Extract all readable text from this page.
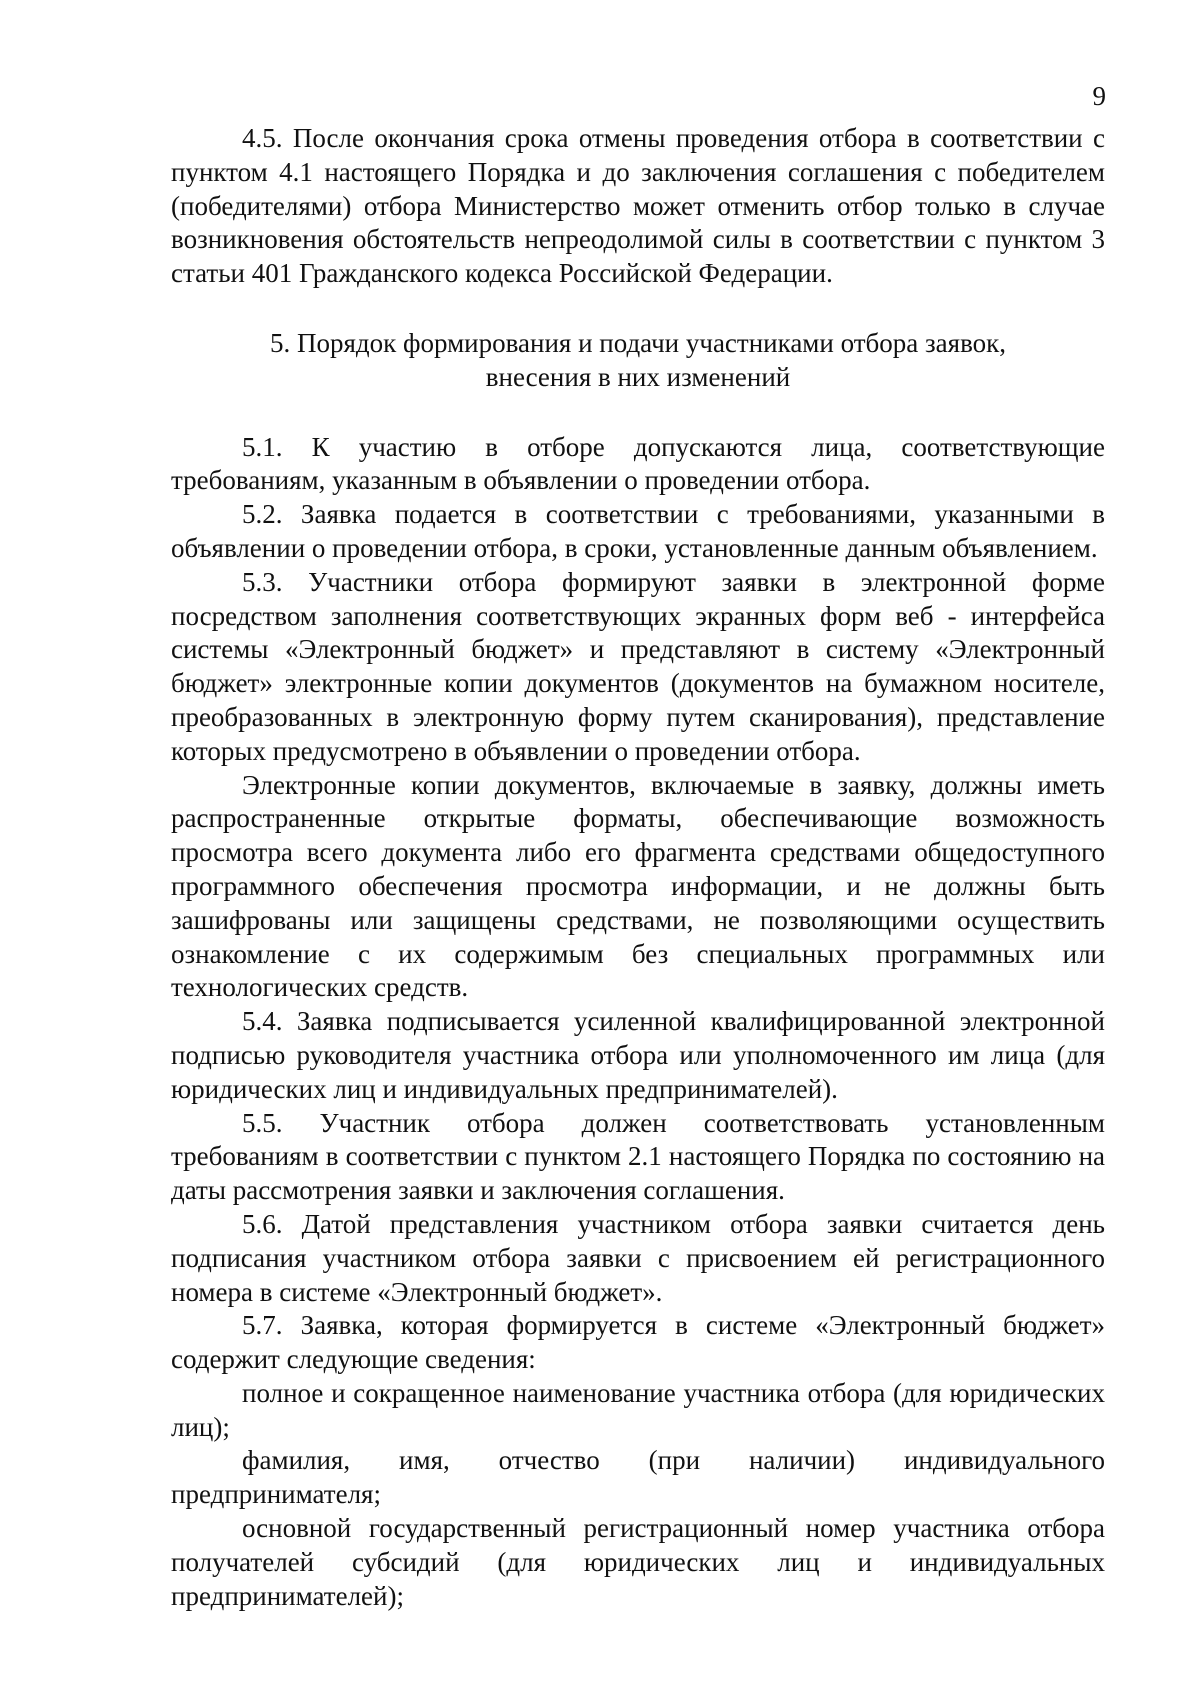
9

4.5. После окончания срока отмены проведения отбора в соответствии с пунктом 4.1 настоящего Порядка и до заключения соглашения с победителем (победителями) отбора Министерство может отменить отбор только в случае возникновения обстоятельств непреодолимой силы в соответствии с пунктом 3 статьи 401 Гражданского кодекса Российской Федерации.

5. Порядок формирования и подачи участниками отбора заявок,
внесения в них изменений

5.1. К участию в отборе допускаются лица, соответствующие требованиям, указанным в объявлении о проведении отбора.

5.2. Заявка подается в соответствии с требованиями, указанными в объявлении о проведении отбора, в сроки, установленные данным объявлением.

5.3. Участники отбора формируют заявки в электронной форме посредством заполнения соответствующих экранных форм веб - интерфейса системы «Электронный бюджет» и представляют в систему «Электронный бюджет» электронные копии документов (документов на бумажном носителе, преобразованных в электронную форму путем сканирования), представление которых предусмотрено в объявлении о проведении отбора.

Электронные копии документов, включаемые в заявку, должны иметь распространенные открытые форматы, обеспечивающие возможность просмотра всего документа либо его фрагмента средствами общедоступного программного обеспечения просмотра информации, и не должны быть зашифрованы или защищены средствами, не позволяющими осуществить ознакомление с их содержимым без специальных программных или технологических средств.

5.4. Заявка подписывается усиленной квалифицированной электронной подписью руководителя участника отбора или уполномоченного им лица (для юридических лиц и индивидуальных предпринимателей).

5.5. Участник отбора должен соответствовать установленным требованиям в соответствии с пунктом 2.1 настоящего Порядка по состоянию на даты рассмотрения заявки и заключения соглашения.

5.6. Датой представления участником отбора заявки считается день подписания участником отбора заявки с присвоением ей регистрационного номера в системе «Электронный бюджет».

5.7. Заявка, которая формируется в системе «Электронный бюджет» содержит следующие сведения:

полное и сокращенное наименование участника отбора (для юридических лиц);

фамилия, имя, отчество (при наличии) индивидуального предпринимателя;

основной государственный регистрационный номер участника отбора получателей субсидий (для юридических лиц и индивидуальных предпринимателей);
